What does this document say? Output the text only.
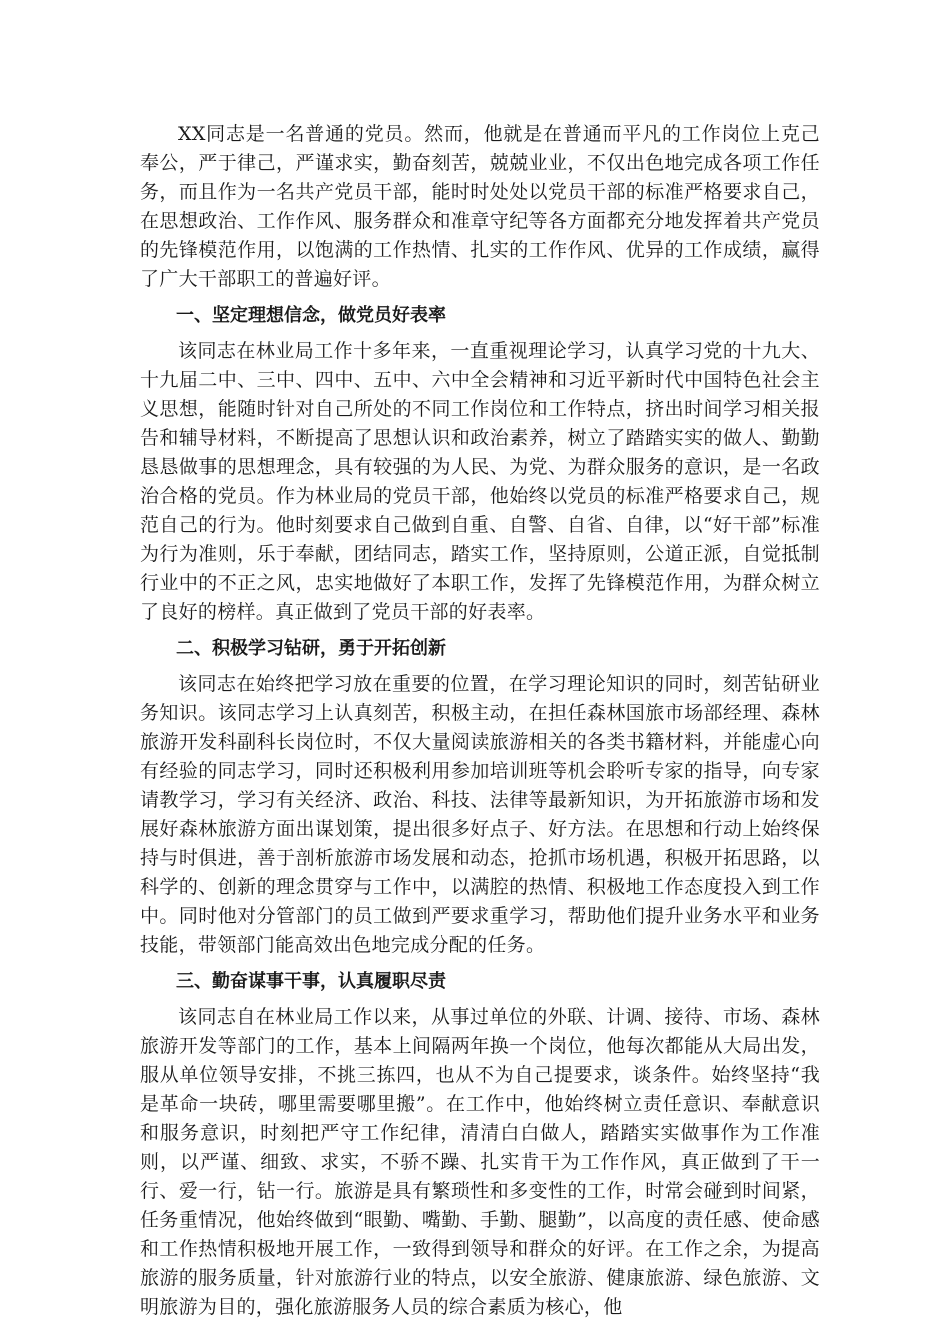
XX同志是一名普通的党员。然而，他就是在普通而平凡的工作岗位上克己奉公，严于律己，严谨求实，勤奋刻苦，兢兢业业，不仅出色地完成各项工作任务，而且作为一名共产党员干部，能时时处处以党员干部的标准严格要求自己，在思想政治、工作作风、服务群众和准章守纪等各方面都充分地发挥着共产党员的先锋模范作用，以饱满的工作热情、扎实的工作作风、优异的工作成绩，赢得了广大干部职工的普遍好评。

一、坚定理想信念，做党员好表率

该同志在林业局工作十多年来，一直重视理论学习，认真学习党的十九大、十九届二中、三中、四中、五中、六中全会精神和习近平新时代中国特色社会主义思想，能随时针对自己所处的不同工作岗位和工作特点，挤出时间学习相关报告和辅导材料，不断提高了思想认识和政治素养，树立了踏踏实实的做人、勤勤恳恳做事的思想理念，具有较强的为人民、为党、为群众服务的意识，是一名政治合格的党员。作为林业局的党员干部，他始终以党员的标准严格要求自己，规范自己的行为。他时刻要求自己做到自重、自警、自省、自律，以“好干部”标准为行为准则，乐于奉献，团结同志，踏实工作，坚持原则，公道正派，自觉抵制行业中的不正之风，忠实地做好了本职工作，发挥了先锋模范作用，为群众树立了良好的榜样。真正做到了党员干部的好表率。

二、积极学习钻研，勇于开拓创新

该同志在始终把学习放在重要的位置，在学习理论知识的同时，刻苦钻研业务知识。该同志学习上认真刻苦，积极主动，在担任森林国旅市场部经理、森林旅游开发科副科长岗位时，不仅大量阅读旅游相关的各类书籍材料，并能虚心向有经验的同志学习，同时还积极利用参加培训班等机会聆听专家的指导，向专家请教学习，学习有关经济、政治、科技、法律等最新知识，为开拓旅游市场和发展好森林旅游方面出谋划策，提出很多好点子、好方法。在思想和行动上始终保持与时俱进，善于剖析旅游市场发展和动态，抢抓市场机遇，积极开拓思路，以科学的、创新的理念贯穿与工作中，以满腔的热情、积极地工作态度投入到工作中。同时他对分管部门的员工做到严要求重学习，帮助他们提升业务水平和业务技能，带领部门能高效出色地完成分配的任务。

三、勤奋谋事干事，认真履职尽责

该同志自在林业局工作以来，从事过单位的外联、计调、接待、市场、森林旅游开发等部门的工作，基本上间隔两年换一个岗位，他每次都能从大局出发，服从单位领导安排，不挑三拣四，也从不为自己提要求，谈条件。始终坚持“我是革命一块砖，哪里需要哪里搬”。在工作中，他始终树立责任意识、奉献意识和服务意识，时刻把严守工作纪律，清清白白做人，踏踏实实做事作为工作准则，以严谨、细致、求实，不骄不躁、扎实肯干为工作作风，真正做到了干一行、爱一行，钻一行。旅游是具有繁琐性和多变性的工作，时常会碰到时间紧，任务重情况，他始终做到“眼勤、嘴勤、手勤、腿勤”，以高度的责任感、使命感和工作热情积极地开展工作，一致得到领导和群众的好评。在工作之余，为提高旅游的服务质量，针对旅游行业的特点，以安全旅游、健康旅游、绿色旅游、文明旅游为目的，强化旅游服务人员的综合素质为核心，他
